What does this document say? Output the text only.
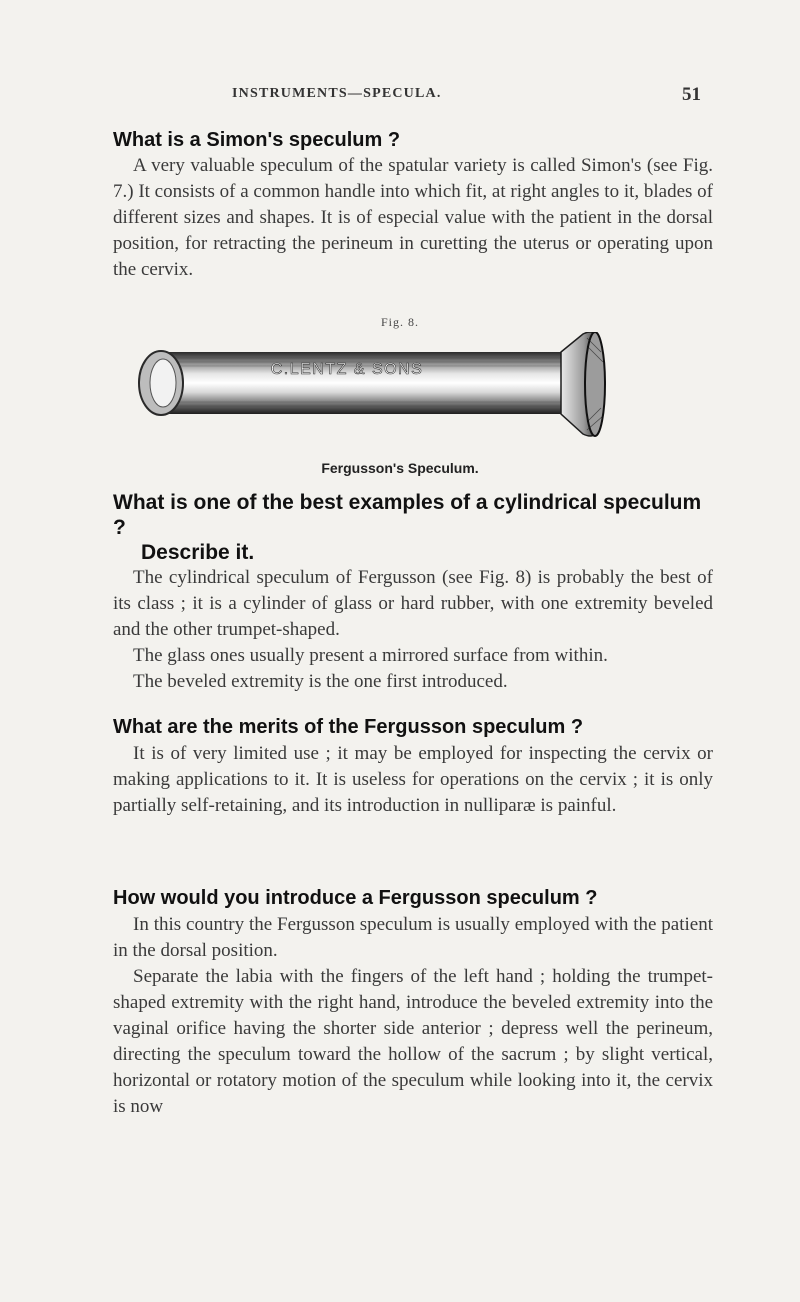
INSTRUMENTS—SPECULA.	51
What is a Simon's speculum ?

A very valuable speculum of the spatular variety is called Simon's (see Fig. 7.) It consists of a common handle into which fit, at right angles to it, blades of different sizes and shapes. It is of especial value with the patient in the dorsal position, for retracting the perineum in curetting the uterus or operating upon the cervix.

Fig. 8.
C.LENTZ & SONS
Fergusson's Speculum.
What is one of the best examples of a cylindrical speculum ?
Describe it.

The cylindrical speculum of Fergusson (see Fig. 8) is probably the best of its class ; it is a cylinder of glass or hard rubber, with one extremity beveled and the other trumpet-shaped.

The glass ones usually present a mirrored surface from within.

The beveled extremity is the one first introduced.

What are the merits of the Fergusson speculum ?

It is of very limited use ; it may be employed for inspecting the cervix or making applications to it. It is useless for operations on the cervix ; it is only partially self-retaining, and its introduction in nulliparæ is painful.

How would you introduce a Fergusson speculum ?

In this country the Fergusson speculum is usually employed with the patient in the dorsal position.

Separate the labia with the fingers of the left hand ; holding the trumpet-shaped extremity with the right hand, introduce the beveled extremity into the vaginal orifice having the shorter side anterior ; depress well the perineum, directing the speculum toward the hollow of the sacrum ; by slight vertical, horizontal or rotatory motion of the speculum while looking into it, the cervix is now
